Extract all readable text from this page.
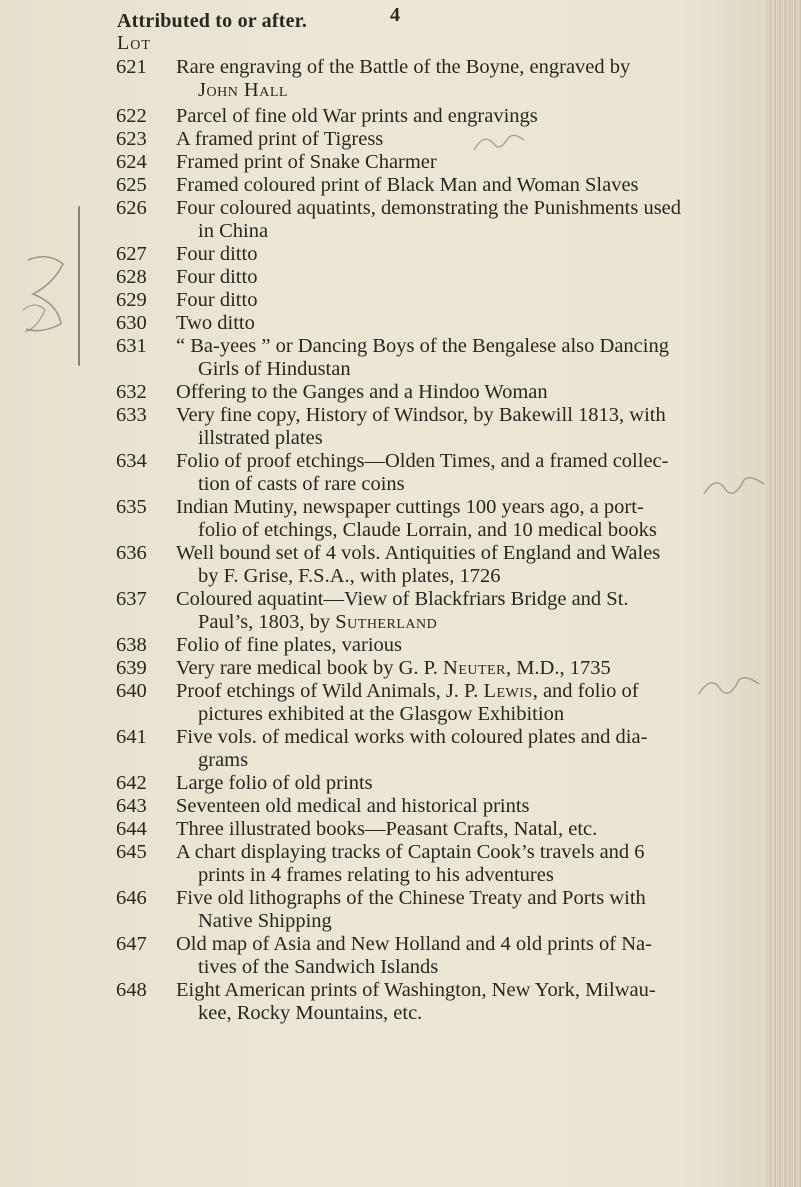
4
Attributed to or after.
Lot
621	Rare engraving of the Battle of the Boyne, engraved by
John Hall
622	Parcel of fine old War prints and engravings
623	A framed print of Tigress
624	Framed print of Snake Charmer
625	Framed coloured print of Black Man and Woman Slaves
626	Four coloured aquatints, demonstrating the Punishments used
in China
627	Four ditto
628	Four ditto
629	Four ditto
630	Two ditto
631	“ Ba-yees ” or Dancing Boys of the Bengalese also Dancing
Girls of Hindustan
632	Offering to the Ganges and a Hindoo Woman
633	Very fine copy, History of Windsor, by Bakewill 1813, with
illstrated plates
634	Folio of proof etchings—Olden Times, and a framed collec-
tion of casts of rare coins
635	Indian Mutiny, newspaper cuttings 100 years ago, a port-
folio of etchings, Claude Lorrain, and 10 medical books
636	Well bound set of 4 vols. Antiquities of England and Wales
by F. Grise, F.S.A., with plates, 1726
637	Coloured aquatint—View of Blackfriars Bridge and St.
Paul’s, 1803, by Sutherland
638	Folio of fine plates, various
639	Very rare medical book by G. P. Neuter, M.D., 1735
640	Proof etchings of Wild Animals, J. P. Lewis, and folio of
pictures exhibited at the Glasgow Exhibition
641	Five vols. of medical works with coloured plates and dia-
grams
642	Large folio of old prints
643	Seventeen old medical and historical prints
644	Three illustrated books—Peasant Crafts, Natal, etc.
645	A chart displaying tracks of Captain Cook’s travels and 6
prints in 4 frames relating to his adventures
646	Five old lithographs of the Chinese Treaty and Ports with
Native Shipping
647	Old map of Asia and New Holland and 4 old prints of Na-
tives of the Sandwich Islands
648	Eight American prints of Washington, New York, Milwau-
kee, Rocky Mountains, etc.
